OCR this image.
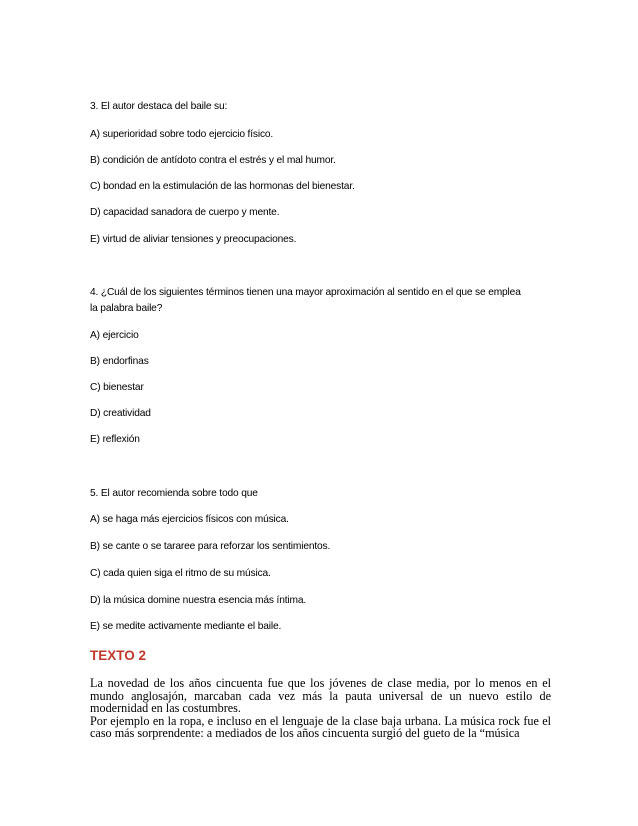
3. El autor destaca del baile su:
A) superioridad sobre todo ejercicio físico.
B) condición de antídoto contra el estrés y el mal humor.
C) bondad en la estimulación de las hormonas del bienestar.
D) capacidad sanadora de cuerpo y mente.
E) virtud de aliviar tensiones y preocupaciones.
4. ¿Cuál de los siguientes términos tienen una mayor aproximación al sentido en el que se emplea
la palabra baile?
A) ejercicio
B) endorfinas
C) bienestar
D) creatividad
E) reflexión
5. El autor recomienda sobre todo que
A) se haga más ejercicios físicos con música.
B) se cante o se tararee para reforzar los sentimientos.
C) cada quien siga el ritmo de su música.
D) la música domine nuestra esencia más íntima.
E) se medite activamente mediante el baile.
TEXTO 2

La novedad de los años cincuenta fue que los jóvenes de clase media, por lo menos en el mundo anglosajón, marcaban cada vez más la pauta universal de un nuevo estilo de modernidad en las costumbres.

Por ejemplo en la ropa, e incluso en el lenguaje de la clase baja urbana. La música rock fue el caso más sorprendente: a mediados de los años cincuenta surgió del gueto de la “música
